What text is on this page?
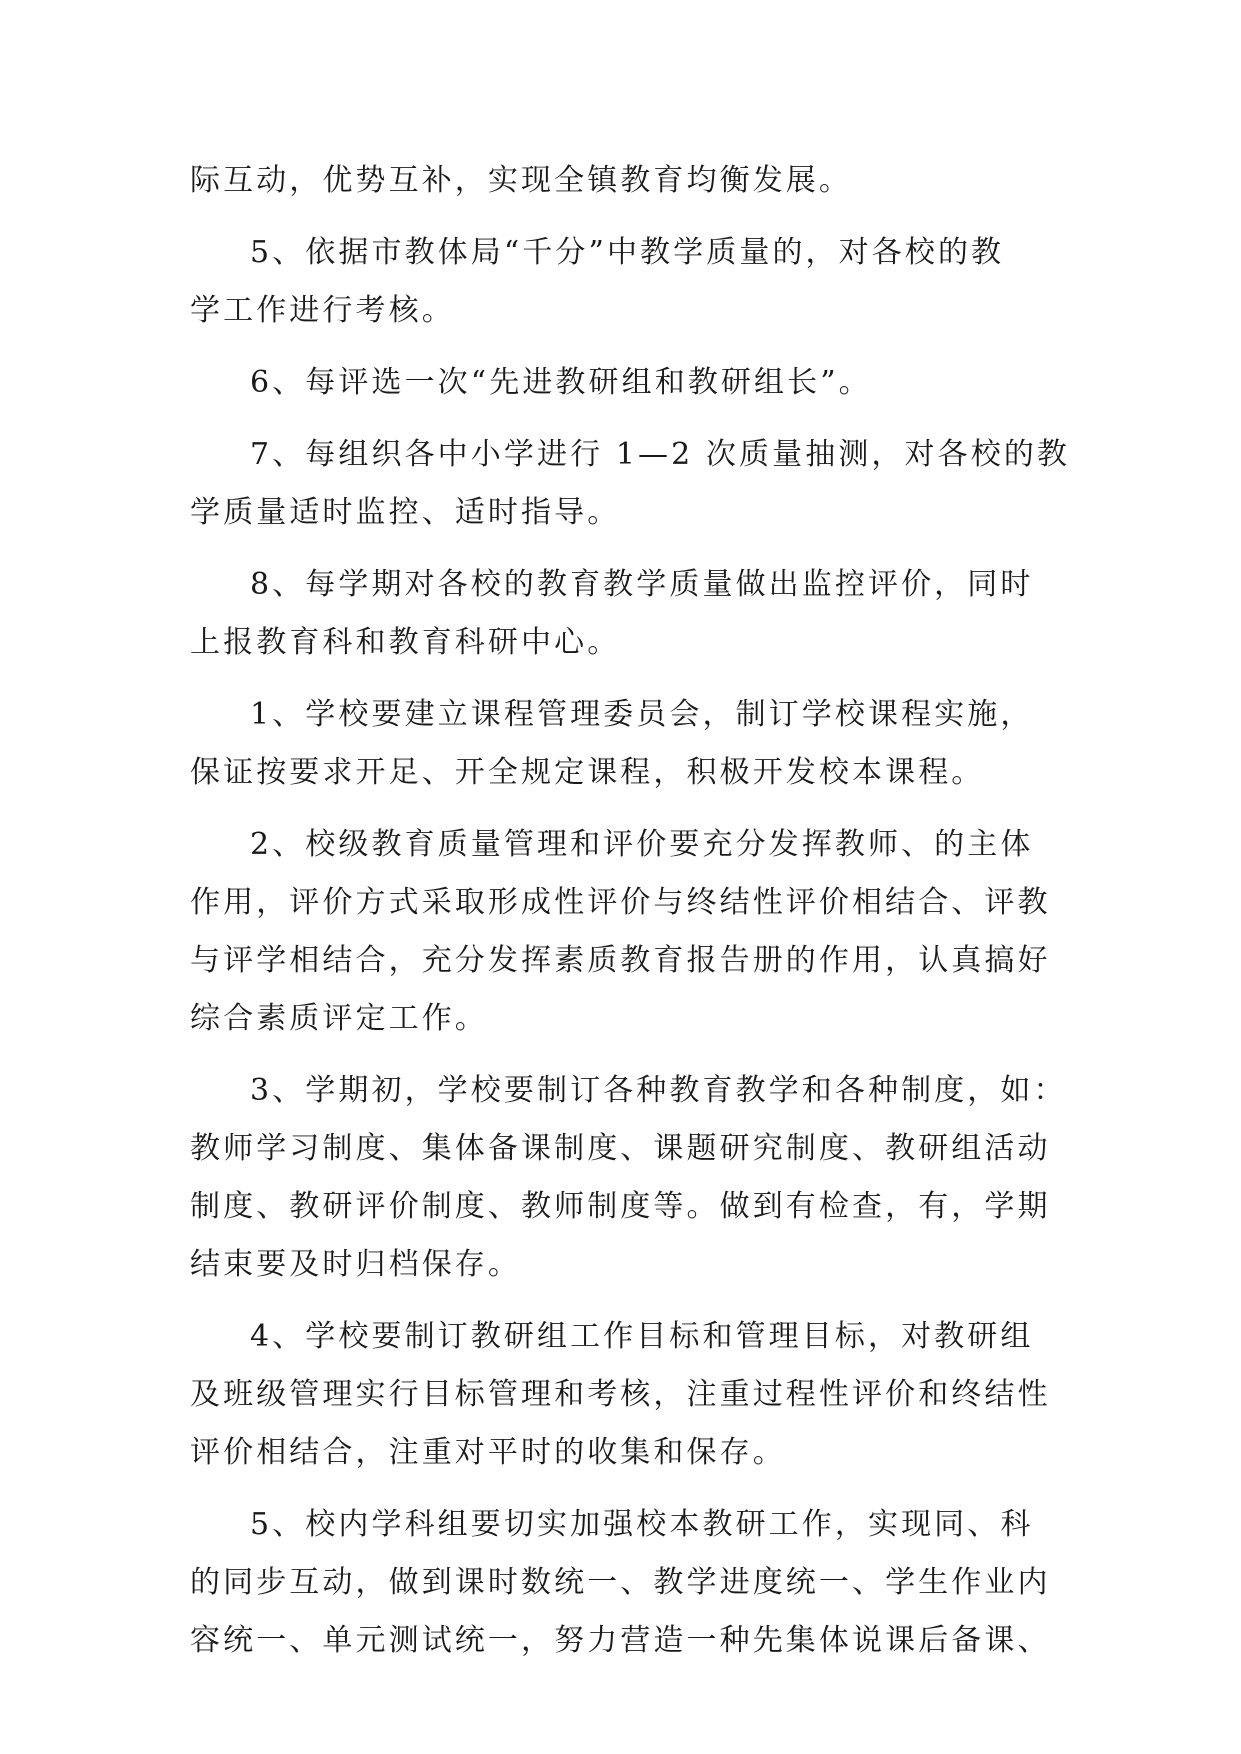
际互动，优势互补，实现全镇教育均衡发展。
5、依据市教体局“千分”中教学质量的，对各校的教
学工作进行考核。
6、每评选一次“先进教研组和教研组长”。
7、每组织各中小学进行 1—2 次质量抽测，对各校的教
学质量适时监控、适时指导。
8、每学期对各校的教育教学质量做出监控评价，同时
上报教育科和教育科研中心。
1、学校要建立课程管理委员会，制订学校课程实施，
保证按要求开足、开全规定课程，积极开发校本课程。
2、校级教育质量管理和评价要充分发挥教师、的主体
作用，评价方式采取形成性评价与终结性评价相结合、评教
与评学相结合，充分发挥素质教育报告册的作用，认真搞好
综合素质评定工作。
3、学期初，学校要制订各种教育教学和各种制度，如：
教师学习制度、集体备课制度、课题研究制度、教研组活动
制度、教研评价制度、教师制度等。做到有检查，有，学期
结束要及时归档保存。
4、学校要制订教研组工作目标和管理目标，对教研组
及班级管理实行目标管理和考核，注重过程性评价和终结性
评价相结合，注重对平时的收集和保存。
5、校内学科组要切实加强校本教研工作，实现同、科
的同步互动，做到课时数统一、教学进度统一、学生作业内
容统一、单元测试统一，努力营造一种先集体说课后备课、
